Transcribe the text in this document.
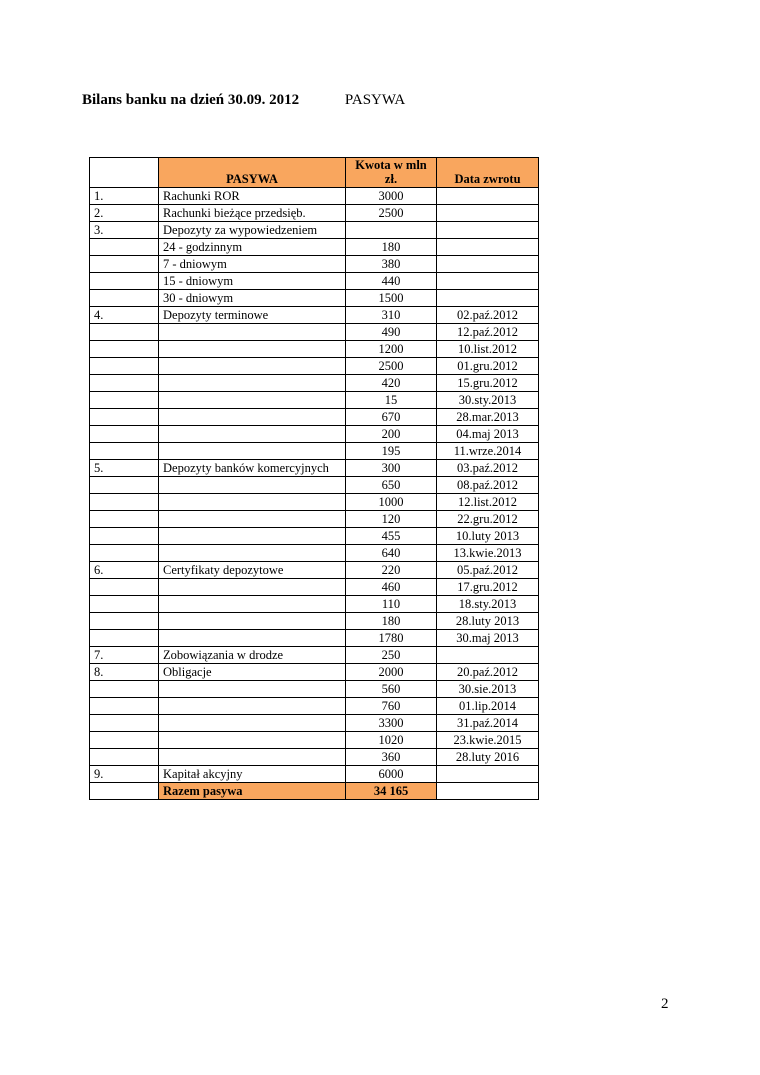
Bilans banku na dzień 30.09. 2012	PASYWA
	PASYWA	Kwota w mln zł.	Data zwrotu
1.	Rachunki ROR	3000	
2.	Rachunki bieżące przedsięb.	2500	
3.	Depozyty za wypowiedzeniem		
	24 - godzinnym	180	
	7 - dniowym	380	
	15 - dniowym	440	
	30 - dniowym	1500	
4.	Depozyty terminowe	310	02.paź.2012
		490	12.paź.2012
		1200	10.list.2012
		2500	01.gru.2012
		420	15.gru.2012
		15	30.sty.2013
		670	28.mar.2013
		200	04.maj 2013
		195	11.wrze.2014
5.	Depozyty banków komercyjnych	300	03.paź.2012
		650	08.paź.2012
		1000	12.list.2012
		120	22.gru.2012
		455	10.luty 2013
		640	13.kwie.2013
6.	Certyfikaty depozytowe	220	05.paź.2012
		460	17.gru.2012
		110	18.sty.2013
		180	28.luty 2013
		1780	30.maj 2013
7.	Zobowiązania w drodze	250	
8.	Obligacje	2000	20.paź.2012
		560	30.sie.2013
		760	01.lip.2014
		3300	31.paź.2014
		1020	23.kwie.2015
		360	28.luty 2016
9.	Kapitał akcyjny	6000	
	Razem pasywa	34 165	
2
